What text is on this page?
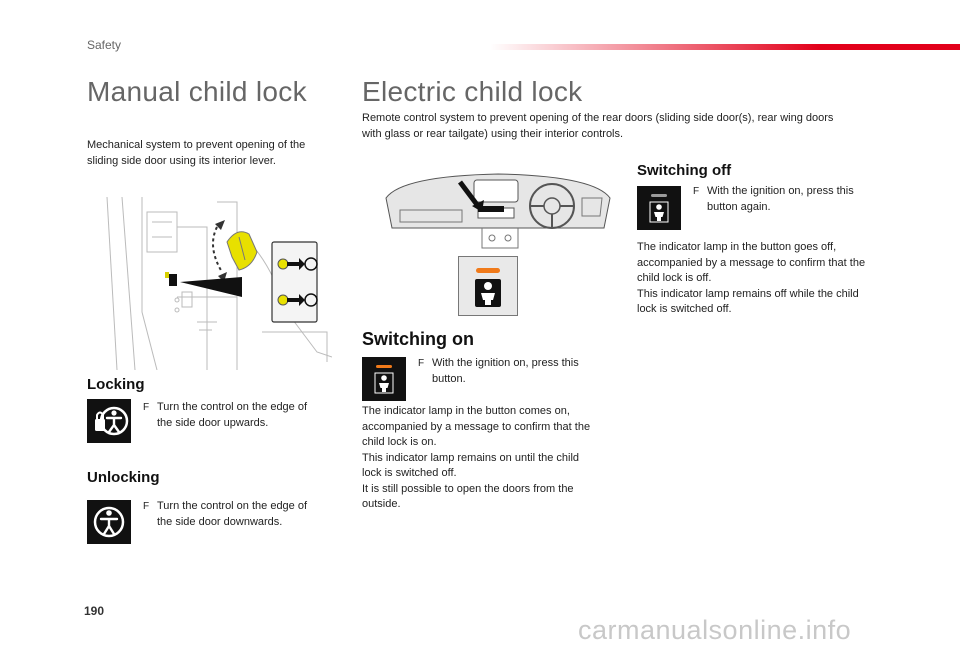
Safety
Manual child lock Electric child lock
Mechanical system to prevent opening of the sliding side door using its interior lever.
Locking
F Turn the control on the edge of
the side door upwards.
Unlocking
F Turn the control on the edge of
the side door downwards.
Remote control system to prevent opening of the rear doors (sliding side door(s), rear wing doors
with glass or rear tailgate) using their interior controls.
Switching on
F With the ignition on, press this
button.
The indicator lamp in the button comes on,
accompanied by a message to confirm that the
child lock is on.
This indicator lamp remains on until the child
lock is switched off.
It is still possible to open the doors from the
outside.
Switching off
F With the ignition on, press this
button again.
The indicator lamp in the button goes off,
accompanied by a message to confirm that the
child lock is off.
This indicator lamp remains off while the child
lock is switched off.
190
carmanualsonline.info
